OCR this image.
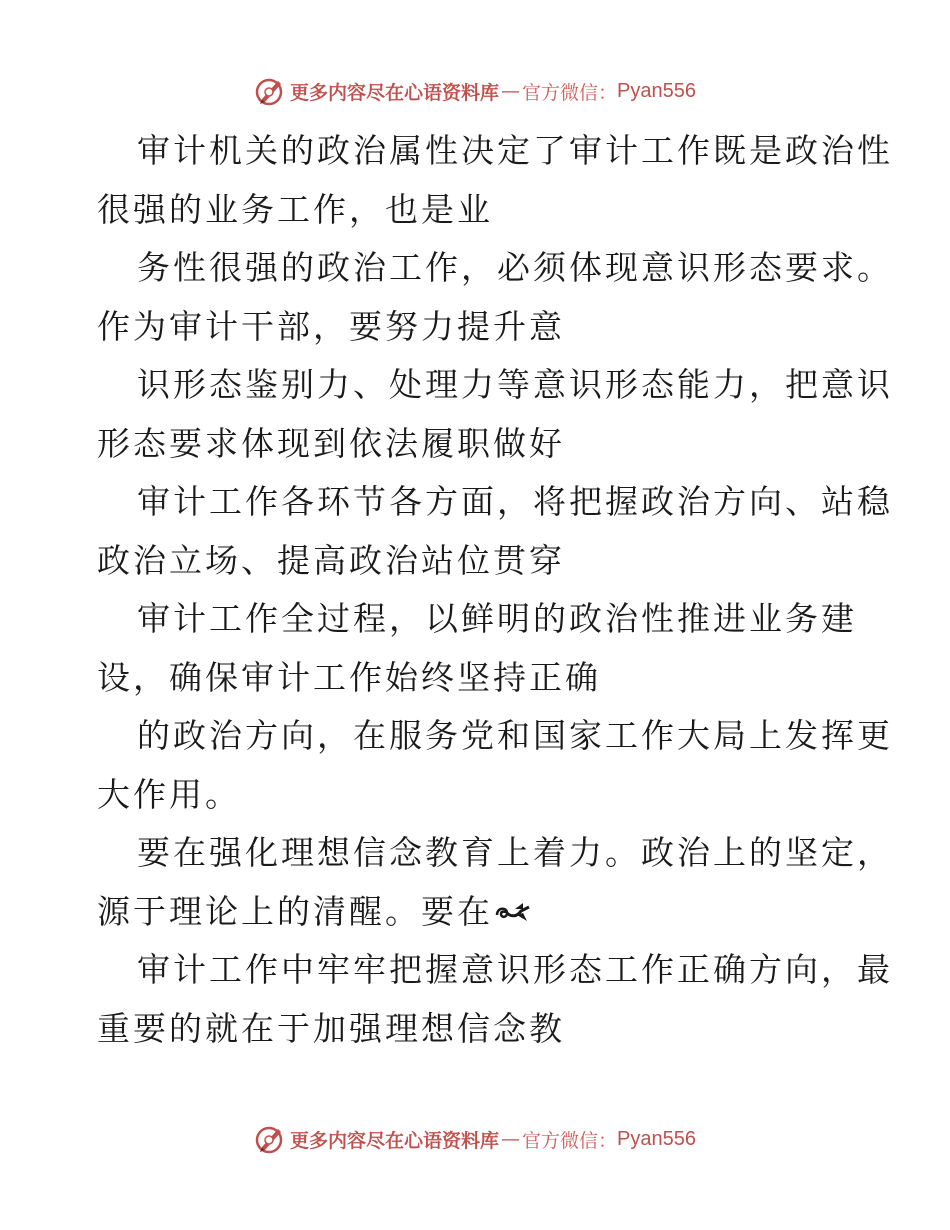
更多内容尽在心语资料库 — 官方微信： Pyan556

审计机关的政治属性决定了审计工作既是政治性
很强的业务工作，也是业

务性很强的政治工作，必须体现意识形态要求。
作为审计干部，要努力提升意

识形态鉴别力、处理力等意识形态能力，把意识
形态要求体现到依法履职做好

审计工作各环节各方面，将把握政治方向、站稳
政治立场、提高政治站位贯穿

审计工作全过程，以鲜明的政治性推进业务建
设，确保审计工作始终坚持正确

的政治方向，在服务党和国家工作大局上发挥更
大作用。

要在强化理想信念教育上着力。政治上的坚定，
源于理论上的清醒。要在

审计工作中牢牢把握意识形态工作正确方向，最
重要的就在于加强理想信念教

更多内容尽在心语资料库 — 官方微信： Pyan556
